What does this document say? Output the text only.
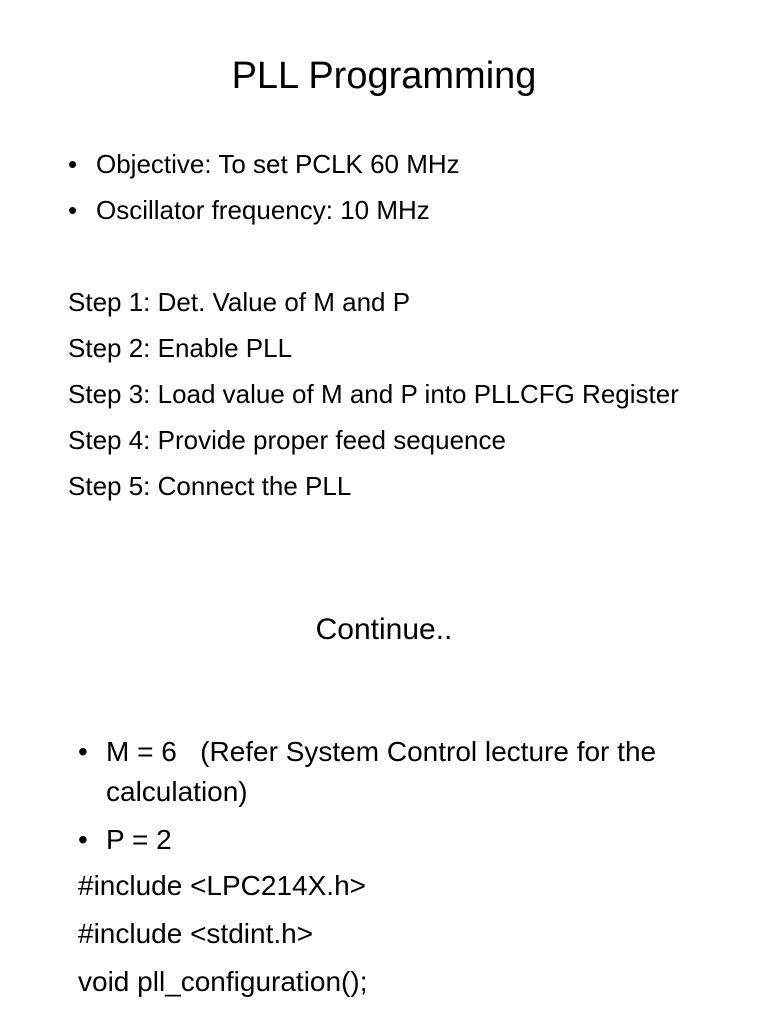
PLL Programming
• Objective: To set PCLK 60 MHz
• Oscillator frequency: 10 MHz
Step 1: Det. Value of M and P
Step 2: Enable PLL
Step 3: Load value of M and P into PLLCFG Register
Step 4: Provide proper feed sequence
Step 5: Connect the PLL
Continue..
• M = 6   (Refer System Control lecture for the calculation)
• P = 2
#include <LPC214X.h>
#include <stdint.h>
void pll_configuration();
